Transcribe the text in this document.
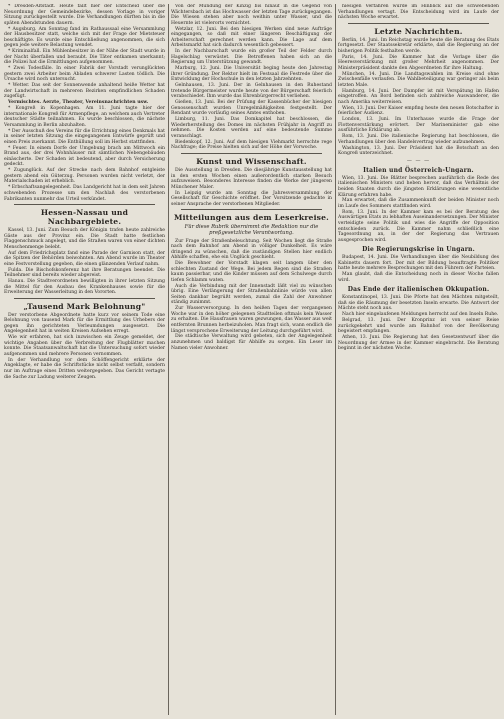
* Dresden-Altstadt. Heute fällt hier der Entscheid über die Neuordnung der Gemeindebezirke, dessen Vorlage in voriger Sitzung zurückgestellt wurde. Die Verhandlungen dürften bis in die späten Abendstunden dauern.

* Augsburg. Am Sonntag fand im Rathaussaal eine Versammlung der Hausbesitzer statt, welche sich mit der Frage der Mietsteuer beschäftigte. Es wurde eine Entschließung angenommen, die sich gegen jede weitere Belastung wendet.

* Kriminalfall. Ein Mühlenbesitzer in der Nähe der Stadt wurde in der Nacht überfallen und beraubt. Die Täter entkamen unerkannt; die Polizei hat die Ermittlungen aufgenommen.

* Zwei Todesfälle. In einer Fabrik der Vorstadt verunglückten gestern zwei Arbeiter beim Abladen schwerer Lasten tödlich. Die Ursache wird noch untersucht.

* Wetter. Das seit der Sonnenwende anhaltend heiße Wetter hat der Landwirtschaft in mehreren Bezirken empfindlichen Schaden zugefügt.

Vermischtes. Aerzte, Theater, Vereinsnachrichten usw.

* Kongreß in Kopenhagen. Am 11. Juni tagte hier der internationale Kongreß für Armenpflege, an welchem auch Vertreter deutscher Städte teilnahmen. Es wurde beschlossen, die nächste Versammlung in Berlin abzuhalten.

* Der Ausschuß des Vereins für die Errichtung eines Denkmals hat in seiner letzten Sitzung die eingegangenen Entwürfe geprüft und einen Preis zuerkannt. Die Enthüllung soll im Herbst stattfinden.

* Feuer. In einem Dorfe der Umgebung brach am Mittwoch ein Brand aus, der drei Wohnhäuser mit sämtlichen Nebengebäuden einäscherte. Der Schaden ist bedeutend, aber durch Versicherung gedeckt.

* Zugunglück. Auf der Strecke nach dem Bahnhof entgleiste gestern abend ein Güterzug. Personen wurden nicht verletzt, der Materialschaden ist erheblich.

* Erbschaftsangelegenheit. Das Landgericht hat in dem seit Jahren schwebenden Prozesse um den Nachlaß des verstorbenen Fabrikanten nunmehr das Urteil verkündet.

Hessen-Nassau und Nachbargebiete.

Kassel, 13. Juni. Zum Besuch der Königin trafen heute zahlreiche Gäste aus der Provinz ein. Die Stadt hatte festlichen Flaggenschmuck angelegt, und die Straßen waren von einer dichten Menschenmenge belebt.

Auf dem Friedrichsplatz fand eine Parade der Garnison statt, der die Spitzen der Behörden beiwohnten. Am Abend wurde im Theater eine Festvorstellung gegeben, die einen glänzenden Verlauf nahm.

Fulda. Die Bischofskonferenz hat ihre Beratungen beendet. Die Teilnehmer sind bereits wieder abgereist.

Hanau. Die Stadtverordneten bewilligten in ihrer letzten Sitzung die Mittel für den Ausbau des Krankenhauses sowie für die Erweiterung der Wasserleitung in den Vororten.

„Tausend Mark Belohnung"

Der verstorbene Abgeordnete hatte kurz vor seinem Tode eine Belohnung von tausend Mark für die Ermittlung des Urhebers der gegen ihn gerichteten Verleumdungen ausgesetzt. Die Angelegenheit hat in weiten Kreisen Aufsehen erregt.

Wie wir erfahren, hat sich inzwischen ein Zeuge gemeldet, der wichtige Angaben über die Verbreitung der Flugblätter machen konnte. Die Staatsanwaltschaft hat die Untersuchung sofort wieder aufgenommen und mehrere Personen vernommen.

In der Verhandlung vor dem Schöffengericht erklärte der Angeklagte, er habe die Schriftstücke nicht selbst verfaßt, sondern nur im Auftrage eines Dritten weitergegeben. Das Gericht vertagte die Sache zur Ladung weiterer Zeugen.

Von der Mündung der Kinzig bis hinauf in die Gegend von Wächtersbach ist das Hochwasser der letzten Tage zurückgegangen. Die Wiesen stehen aber noch weithin unter Wasser, und die Heuernte ist vielerorts vernichtet.

Wetzlar, 12. Juni. Bei den hiesigen Werken sind neue Aufträge eingegangen, so daß mit einer längeren Beschäftigung der Arbeiterschaft gerechnet werden kann. Die Lage auf dem Arbeitsmarkt hat sich dadurch wesentlich gebessert.

In der Nachbarschaft wurde ein großer Teil der Felder durch Hagelschlag verwüstet. Die Betroffenen haben sich an die Regierung um Unterstützung gewandt.

Marburg, 12. Juni. Die Universität beging heute den Jahrestag ihrer Gründung. Der Rektor hielt im Festsaal die Festrede über die Entwicklung der Hochschule in den letzten Jahrzehnten.

Gelnhausen, 13. Juni. Der in Gelnhausen in den Ruhestand tretende Bürgermeister wurde heute von der Bürgerschaft feierlich verabschiedet. Ihm wurde das Ehrenbürgerrecht verliehen.

Gießen, 13. Juni. Bei der Prüfung der Kassenbücher der hiesigen Genossenschaft wurden Unregelmäßigkeiten festgestellt. Der Rendant wurde vorläufig seines Amtes enthoben.

Limburg, 11. Juni. Das Domkapitel hat beschlossen, die Wiederherstellung des Domes im nächsten Frühjahr in Angriff zu nehmen. Die Kosten werden auf eine bedeutende Summe veranschlagt.

Biedenkopf, 12. Juni. Auf dem hiesigen Viehmarkt herrschte rege Nachfrage; die Preise hielten sich auf der Höhe der Vorwoche.

Kunst und Wissenschaft.

Die Ausstellung in Dresden. Die diesjährige Kunstausstellung hat in den ersten Wochen einen außerordentlich starken Besuch aufzuweisen. Besonderes Interesse finden die Werke der jüngeren Münchener Maler.

In Leipzig wurde am Sonntag die Jahresversammlung der Gesellschaft für Geschichte eröffnet. Der Vorsitzende gedachte in seiner Ansprache der verstorbenen Mitglieder.

Mitteilungen aus dem Leserkreise.
Für diese Rubrik übernimmt die Redaktion nur die preßgesetzliche Verantwortung.

Zur Frage der Straßenbeleuchtung. Seit Wochen liegt die Straße nach dem Bahnhof am Abend in völliger Dunkelheit. Es wäre dringend zu wünschen, daß die zuständigen Stellen hier endlich Abhilfe schaffen, ehe ein Unglück geschieht.

Die Bewohner der Vorstadt klagen seit langem über den schlechten Zustand der Wege. Bei jedem Regen sind die Straßen kaum passierbar, und die Kinder müssen auf dem Schulwege durch tiefen Schlamm waten.

Auch die Verbindung mit der Innenstadt läßt viel zu wünschen übrig. Eine Verlängerung der Straßenbahnlinie würde von allen Seiten dankbar begrüßt werden, zumal die Zahl der Anwohner ständig zunimmt.

Zur Wasserversorgung. In den heißen Tagen der vergangenen Woche war in den höher gelegenen Stadtteilen oftmals kein Wasser zu erhalten. Die Hausfrauen waren gezwungen, das Wasser aus weit entfernten Brunnen herbeizuholen. Man fragt sich, wann endlich die längst versprochene Erweiterung der Leitung durchgeführt wird.

Die städtische Verwaltung wird gebeten, sich der Angelegenheit anzunehmen und baldigst für Abhilfe zu sorgen. Ein Leser im Namen vieler Anwohner.

hiesigen Verfahren wurde im Hinblick auf die schwebenden Verhandlungen vertagt. Die Entscheidung wird im Laufe der nächsten Woche erwartet.

Letzte Nachrichten.

Berlin, 14. Juni. Im Reichstag wurde heute die Beratung des Etats fortgesetzt. Der Staatssekretär erklärte, daß die Regierung an der bisherigen Politik festhalten werde.

Paris, 14. Juni. Die Kammer hat die Vorlage über die Heeresverstärkung mit großer Mehrheit angenommen. Der Ministerpräsident dankte den Abgeordneten für ihre Haltung.

München, 14. Juni. Die Landtagswahlen im Kreise sind ohne Zwischenfälle verlaufen. Die Wahlbeteiligung war geringer als beim letzten Male.

Hamburg, 14. Juni. Der Dampfer ist mit Verspätung im Hafen eingetroffen. An Bord befinden sich zahlreiche Auswanderer, die nach Amerika weiterreisen.

Wien, 13. Juni. Der Kaiser empfing heute den neuen Botschafter in feierlicher Audienz.

London, 13. Juni. Im Unterhause wurde die Frage der Flottenverstärkung erörtert. Der Marineminister gab eine ausführliche Erklärung ab.

Rom, 13. Juni. Die italienische Regierung hat beschlossen, die Verhandlungen über den Handelsvertrag wieder aufzunehmen.

Washington, 13. Juni. Der Präsident hat die Botschaft an den Kongreß unterzeichnet.

— — —
Italien und Österreich-Ungarn.

Wien, 13. Juni. Die Blätter besprechen ausführlich die Rede des italienischen Ministers und heben hervor, daß das Verhältnis der beiden Staaten durch die jüngsten Erklärungen eine wesentliche Klärung erfahren habe.

Man erwartet, daß die Zusammenkunft der beiden Minister noch im Laufe des Sommers stattfinden wird.

Rom, 13. Juni. In der Kammer kam es bei der Beratung des Auswärtigen Etats zu lebhaften Auseinandersetzungen. Der Minister verteidigte seine Politik und wies die Angriffe der Opposition entschieden zurück. Die Kammer nahm schließlich eine Tagesordnung an, in der der Regierung das Vertrauen ausgesprochen wird.

Die Regierungskrise in Ungarn.

Budapest, 14. Juni. Die Verhandlungen über die Neubildung des Kabinetts dauern fort. Der mit der Bildung beauftragte Politiker hatte heute mehrere Besprechungen mit den Führern der Parteien.

Man glaubt, daß die Entscheidung noch in dieser Woche fallen wird.

Das Ende der italienischen Okkupation.

Konstantinopel, 13. Juni. Die Pforte hat den Mächten mitgeteilt, daß sie die Räumung der besetzten Inseln erwarte. Die Antwort der Mächte steht noch aus.

Nach hier eingelaufenen Meldungen herrscht auf den Inseln Ruhe.

Belgrad, 13. Juni. Der Kronprinz ist von seiner Reise zurückgekehrt und wurde am Bahnhof von der Bevölkerung begeistert empfangen.

Athen, 13. Juni. Die Regierung hat den Gesetzentwurf über die Neuordnung der Armee in der Kammer eingebracht. Die Beratung beginnt in der nächsten Woche.
